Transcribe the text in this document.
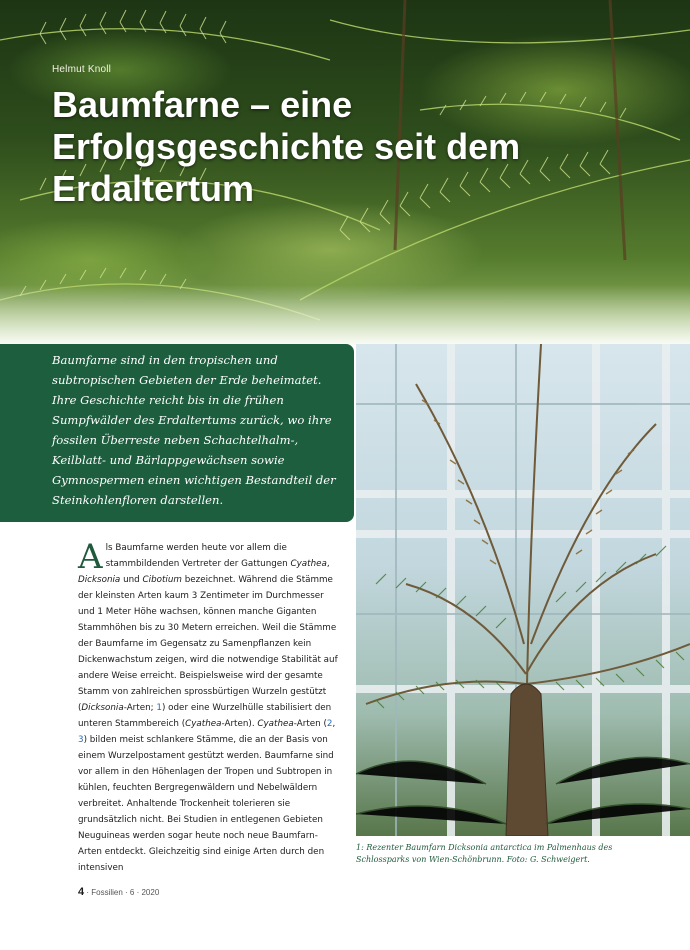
Helmut Knoll
Baumfarne – eine Erfolgsgeschichte seit dem Erdaltertum

Baumfarne sind in den tropischen und subtropischen Gebieten der Erde beheimatet. Ihre Geschichte reicht bis in die frühen Sumpfwälder des Erdaltertums zurück, wo ihre fossilen Überreste neben Schachtelhalm-, Keilblatt- und Bärlappgewächsen sowie Gymnospermen einen wichtigen Bestandteil der Steinkohlenfloren darstellen.

1: Rezenter Baumfarn Dicksonia antarctica im Palmenhaus des Schlossparks von Wien-Schönbrunn. Foto: G. Schweigert.

Als Baumfarne werden heute vor allem die stammbildenden Vertreter der Gattungen Cyathea, Dicksonia und Cibotium bezeichnet. Während die Stämme der kleinsten Arten kaum 3 Zentimeter im Durchmesser und 1 Meter Höhe wachsen, können manche Giganten Stammhöhen bis zu 30 Metern erreichen. Weil die Stämme der Baumfarne im Gegensatz zu Samenpflanzen kein Dickenwachstum zeigen, wird die notwendige Stabilität auf andere Weise erreicht. Beispielsweise wird der gesamte Stamm von zahlreichen sprossbürtigen Wurzeln gestützt (Dicksonia-Arten; 1) oder eine Wurzelhülle stabilisiert den unteren Stammbereich (Cyathea-Arten). Cyathea-Arten (2, 3) bilden meist schlankere Stämme, die an der Basis von einem Wurzelpostament gestützt werden. Baumfarne sind vor allem in den Höhenlagen der Tropen und Subtropen in kühlen, feuchten Bergregenwäldern und Nebelwäldern verbreitet. Anhaltende Trockenheit tolerieren sie grundsätzlich nicht. Bei Studien in entlegenen Gebieten Neuguineas werden sogar heute noch neue Baumfarn-Arten entdeckt. Gleichzeitig sind einige Arten durch den intensiven

4 · Fossilien · 6 · 2020
